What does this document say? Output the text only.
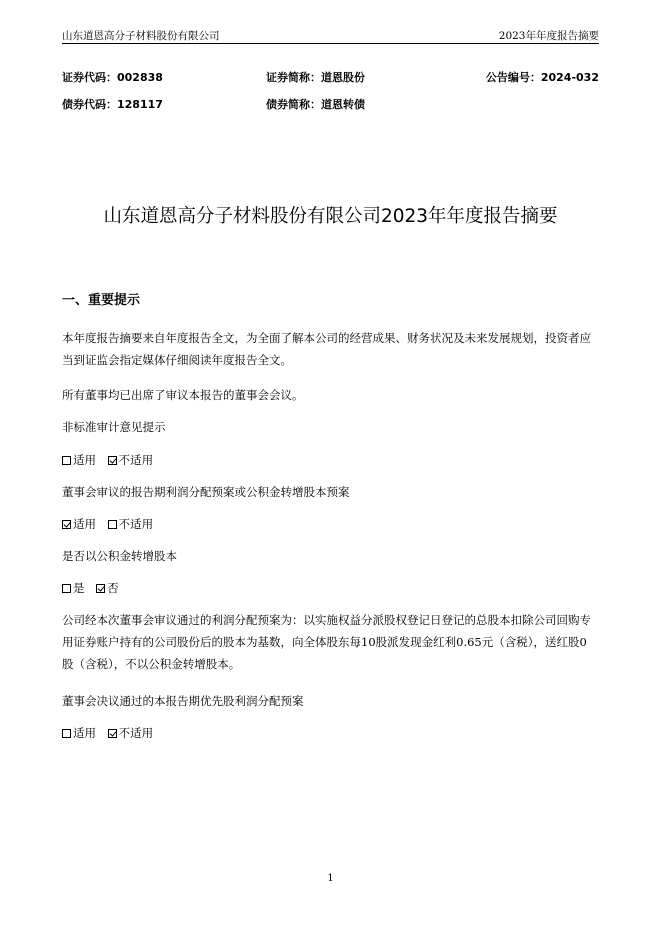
山东道恩高分子材料股份有限公司	2023年年度报告摘要
证券代码：002838	证券简称：道恩股份	公告编号：2024-032
债券代码：128117	债券简称：道恩转债
山东道恩高分子材料股份有限公司2023年年度报告摘要
一、重要提示
本年度报告摘要来自年度报告全文，为全面了解本公司的经营成果、财务状况及未来发展规划，投资者应当到证监会指定媒体仔细阅读年度报告全文。
所有董事均已出席了审议本报告的董事会会议。
非标准审计意见提示
适用
不适用
董事会审议的报告期利润分配预案或公积金转增股本预案
适用
不适用
是否以公积金转增股本
是
否
公司经本次董事会审议通过的利润分配预案为：以实施权益分派股权登记日登记的总股本扣除公司回购专用证券账户持有的公司股份后的股本为基数，向全体股东每10股派发现金红利0.65元（含税），送红股0股（含税），不以公积金转增股本。
董事会决议通过的本报告期优先股利润分配预案
适用
不适用
1
